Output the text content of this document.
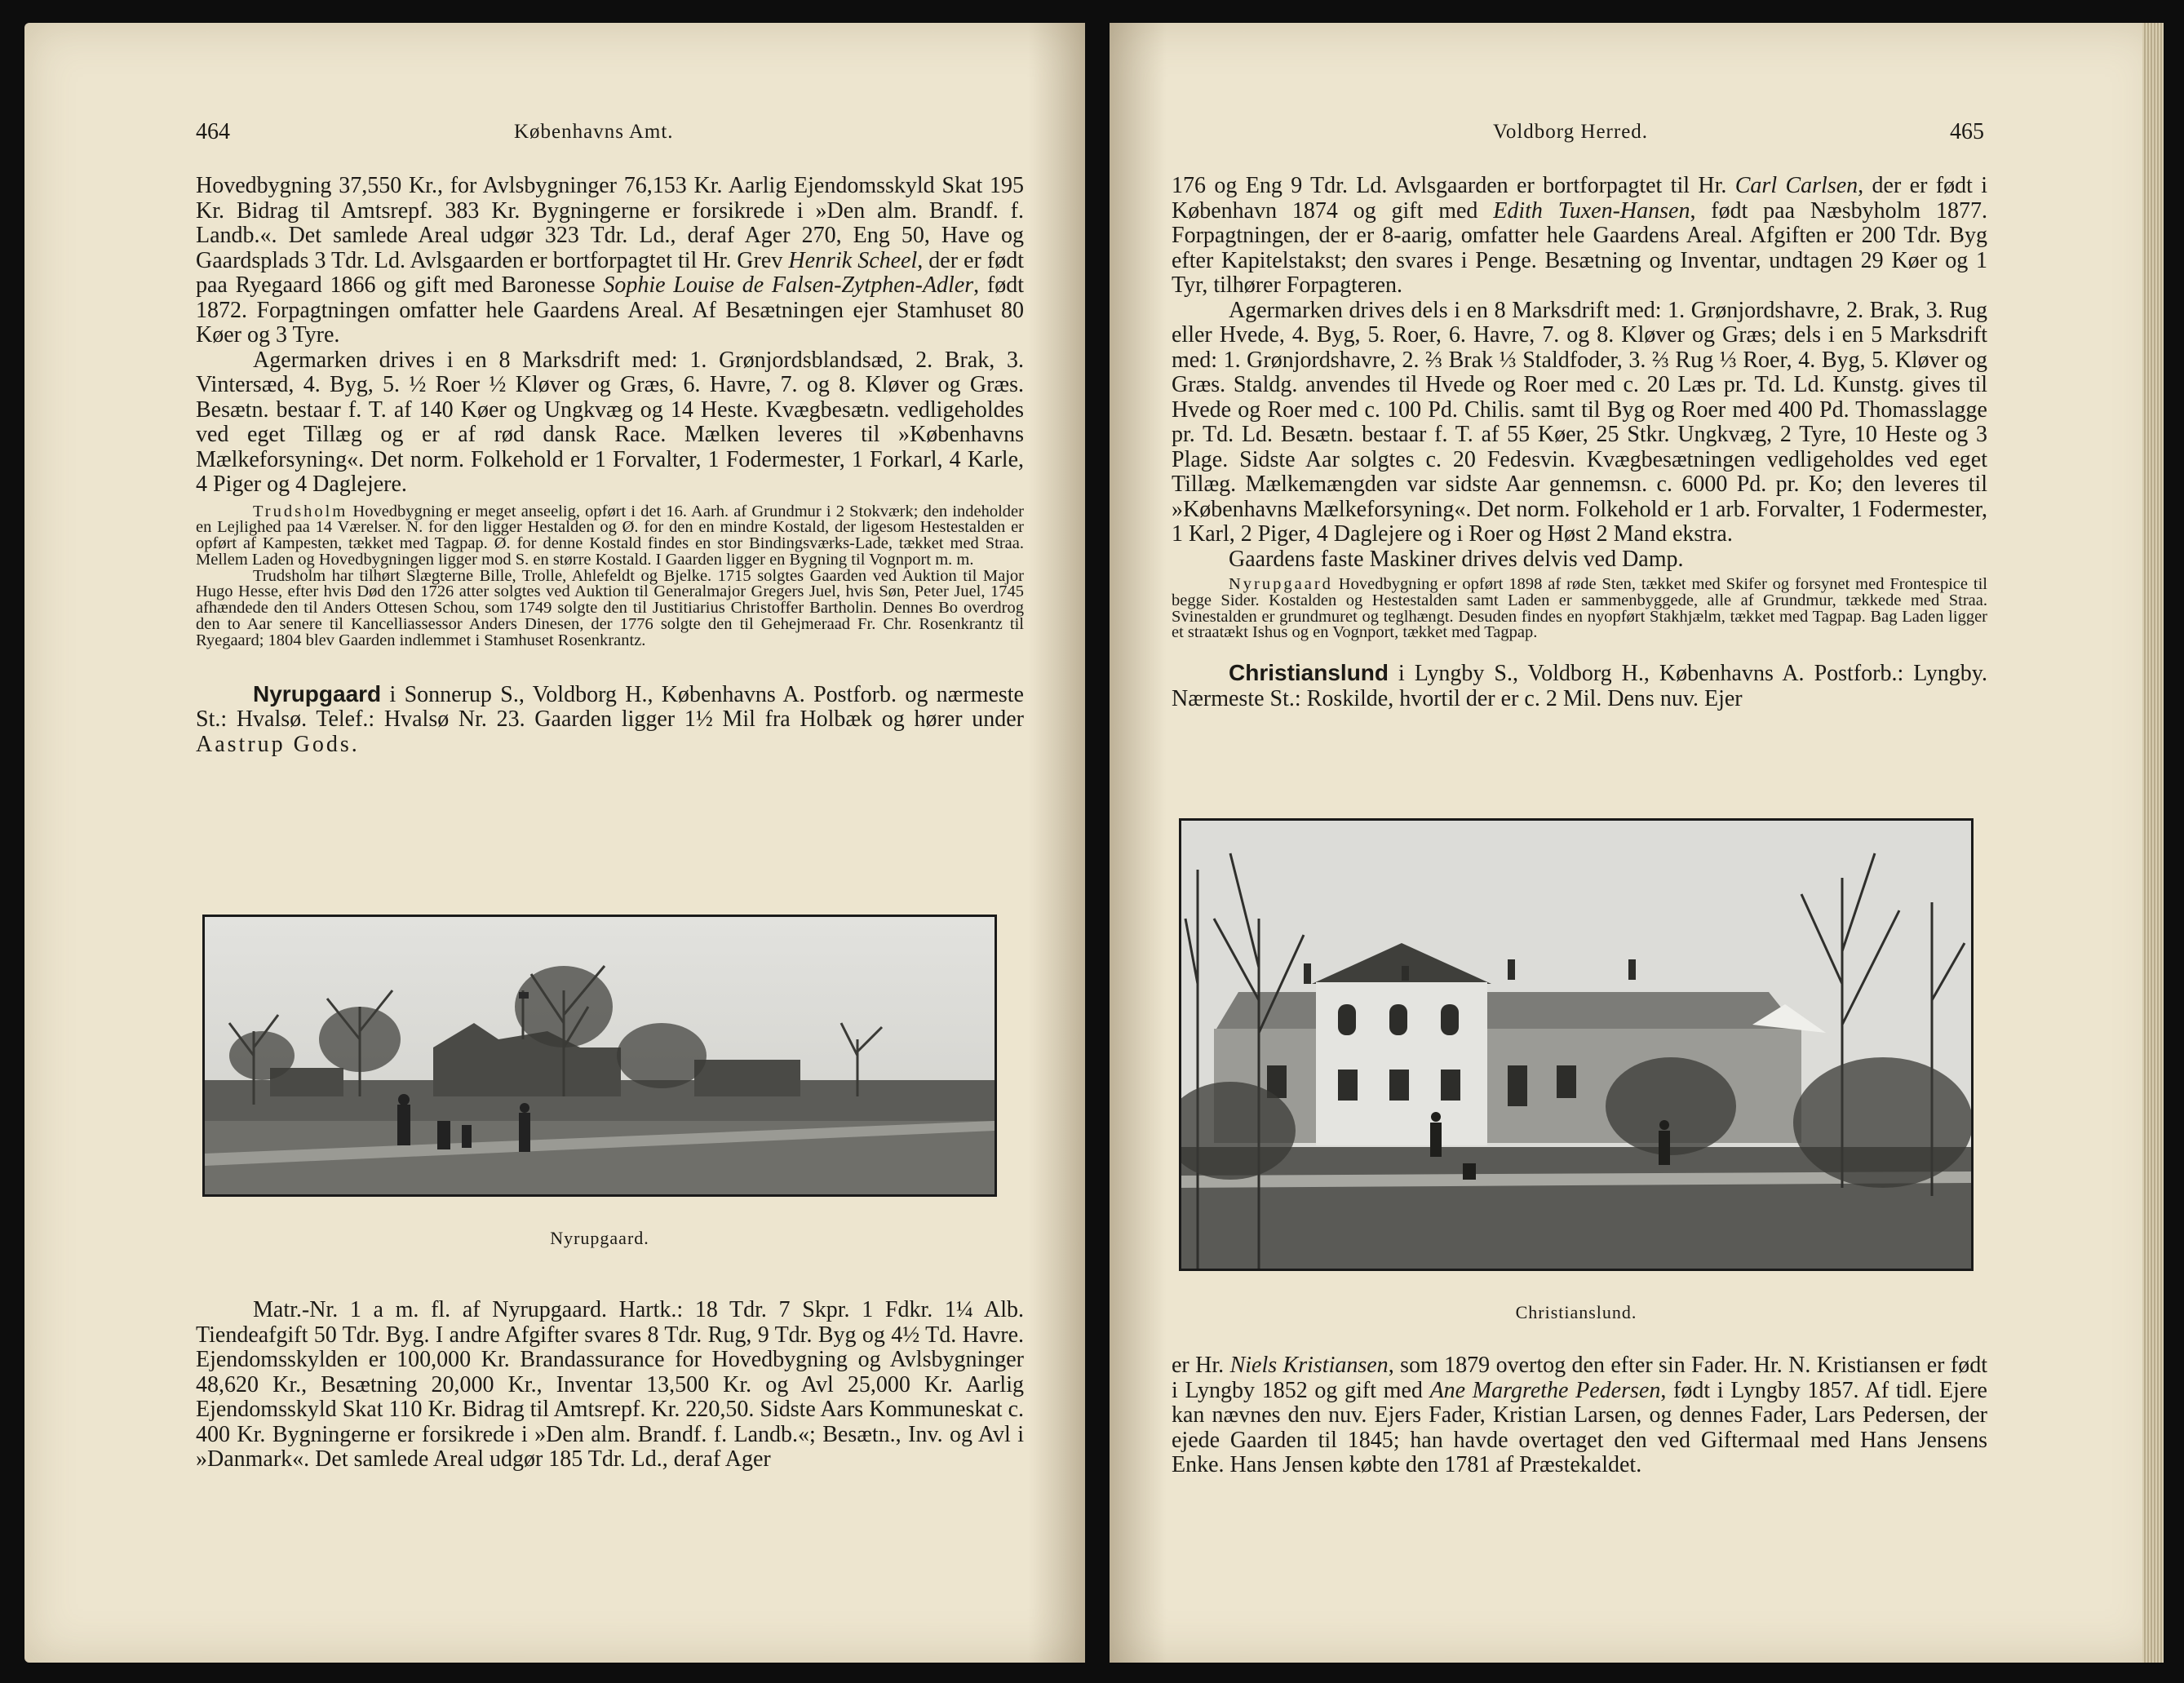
464	Københavns Amt.

Hovedbygning 37,550 Kr., for Avlsbygninger 76,153 Kr. Aarlig Ejendomsskyld Skat 195 Kr. Bidrag til Amtsrepf. 383 Kr. Bygningerne er forsikrede i »Den alm. Brandf. f. Landb.«. Det samlede Areal udgør 323 Tdr. Ld., deraf Ager 270, Eng 50, Have og Gaardsplads 3 Tdr. Ld. Avlsgaarden er bortforpagtet til Hr. Grev Henrik Scheel, der er født paa Ryegaard 1866 og gift med Baronesse Sophie Louise de Falsen-Zytphen-Adler, født 1872. Forpagtningen omfatter hele Gaardens Areal. Af Besætningen ejer Stamhuset 80 Køer og 3 Tyre.

Agermarken drives i en 8 Marksdrift med: 1. Grønjordsblandsæd, 2. Brak, 3. Vintersæd, 4. Byg, 5. ½ Roer ½ Kløver og Græs, 6. Havre, 7. og 8. Kløver og Græs. Besætn. bestaar f. T. af 140 Køer og Ungkvæg og 14 Heste. Kvægbesætn. vedligeholdes ved eget Tillæg og er af rød dansk Race. Mælken leveres til »Københavns Mælkeforsyning«. Det norm. Folkehold er 1 Forvalter, 1 Fodermester, 1 Forkarl, 4 Karle, 4 Piger og 4 Daglejere.

Trudsholm Hovedbygning er meget anseelig, opført i det 16. Aarh. af Grundmur i 2 Stokværk; den indeholder en Lejlighed paa 14 Værelser. N. for den ligger Hestalden og Ø. for den en mindre Kostald, der ligesom Hestestalden er opført af Kampesten, tækket med Tagpap. Ø. for denne Kostald findes en stor Bindingsværks-Lade, tækket med Straa. Mellem Laden og Hovedbygningen ligger mod S. en større Kostald. I Gaarden ligger en Bygning til Vognport m. m.

Trudsholm har tilhørt Slægterne Bille, Trolle, Ahlefeldt og Bjelke. 1715 solgtes Gaarden ved Auktion til Major Hugo Hesse, efter hvis Død den 1726 atter solgtes ved Auktion til Generalmajor Gregers Juel, hvis Søn, Peter Juel, 1745 afhændede den til Anders Ottesen Schou, som 1749 solgte den til Justitiarius Christoffer Bartholin. Dennes Bo overdrog den to Aar senere til Kancelliassessor Anders Dinesen, der 1776 solgte den til Gehejmeraad Fr. Chr. Rosenkrantz til Ryegaard; 1804 blev Gaarden indlemmet i Stamhuset Rosenkrantz.

Nyrupgaard i Sonnerup S., Voldborg H., Københavns A. Postforb. og nærmeste St.: Hvalsø. Telef.: Hvalsø Nr. 23. Gaarden ligger 1½ Mil fra Holbæk og hører under Aastrup Gods.

Nyrupgaard.

Matr.-Nr. 1 a m. fl. af Nyrupgaard. Hartk.: 18 Tdr. 7 Skpr. 1 Fdkr. 1¼ Alb. Tiendeafgift 50 Tdr. Byg. I andre Afgifter svares 8 Tdr. Rug, 9 Tdr. Byg og 4½ Td. Havre. Ejendomsskylden er 100,000 Kr. Brandassurance for Hovedbygning og Avlsbygninger 48,620 Kr., Besætning 20,000 Kr., Inventar 13,500 Kr. og Avl 25,000 Kr. Aarlig Ejendomsskyld Skat 110 Kr. Bidrag til Amtsrepf. Kr. 220,50. Sidste Aars Kommuneskat c. 400 Kr. Bygningerne er forsikrede i »Den alm. Brandf. f. Landb.«; Besætn., Inv. og Avl i »Danmark«. Det samlede Areal udgør 185 Tdr. Ld., deraf Ager

Voldborg Herred.	465

176 og Eng 9 Tdr. Ld. Avlsgaarden er bortforpagtet til Hr. Carl Carlsen, der er født i København 1874 og gift med Edith Tuxen-Hansen, født paa Næsbyholm 1877. Forpagtningen, der er 8-aarig, omfatter hele Gaardens Areal. Afgiften er 200 Tdr. Byg efter Kapitelstakst; den svares i Penge. Besætning og Inventar, undtagen 29 Køer og 1 Tyr, tilhører Forpagteren.

Agermarken drives dels i en 8 Marksdrift med: 1. Grønjordshavre, 2. Brak, 3. Rug eller Hvede, 4. Byg, 5. Roer, 6. Havre, 7. og 8. Kløver og Græs; dels i en 5 Marksdrift med: 1. Grønjordshavre, 2. ⅔ Brak ⅓ Staldfoder, 3. ⅔ Rug ⅓ Roer, 4. Byg, 5. Kløver og Græs. Staldg. anvendes til Hvede og Roer med c. 20 Læs pr. Td. Ld. Kunstg. gives til Hvede og Roer med c. 100 Pd. Chilis. samt til Byg og Roer med 400 Pd. Thomasslagge pr. Td. Ld. Besætn. bestaar f. T. af 55 Køer, 25 Stkr. Ungkvæg, 2 Tyre, 10 Heste og 3 Plage. Sidste Aar solgtes c. 20 Fedesvin. Kvægbesætningen vedligeholdes ved eget Tillæg. Mælkemængden var sidste Aar gennemsn. c. 6000 Pd. pr. Ko; den leveres til »Københavns Mælkeforsyning«. Det norm. Folkehold er 1 arb. Forvalter, 1 Fodermester, 1 Karl, 2 Piger, 4 Daglejere og i Roer og Høst 2 Mand ekstra.

Gaardens faste Maskiner drives delvis ved Damp.

Nyrupgaard Hovedbygning er opført 1898 af røde Sten, tækket med Skifer og forsynet med Frontespice til begge Sider. Kostalden og Hestestalden samt Laden er sammenbyggede, alle af Grundmur, tækkede med Straa. Svinestalden er grundmuret og teglhængt. Desuden findes en nyopført Stakhjælm, tækket med Tagpap. Bag Laden ligger et straatækt Ishus og en Vognport, tækket med Tagpap.

Christianslund i Lyngby S., Voldborg H., Københavns A. Postforb.: Lyngby. Nærmeste St.: Roskilde, hvortil der er c. 2 Mil. Dens nuv. Ejer

Christianslund.

er Hr. Niels Kristiansen, som 1879 overtog den efter sin Fader. Hr. N. Kristiansen er født i Lyngby 1852 og gift med Ane Margrethe Pedersen, født i Lyngby 1857. Af tidl. Ejere kan nævnes den nuv. Ejers Fader, Kristian Larsen, og dennes Fader, Lars Pedersen, der ejede Gaarden til 1845; han havde overtaget den ved Giftermaal med Hans Jensens Enke. Hans Jensen købte den 1781 af Præstekaldet.
